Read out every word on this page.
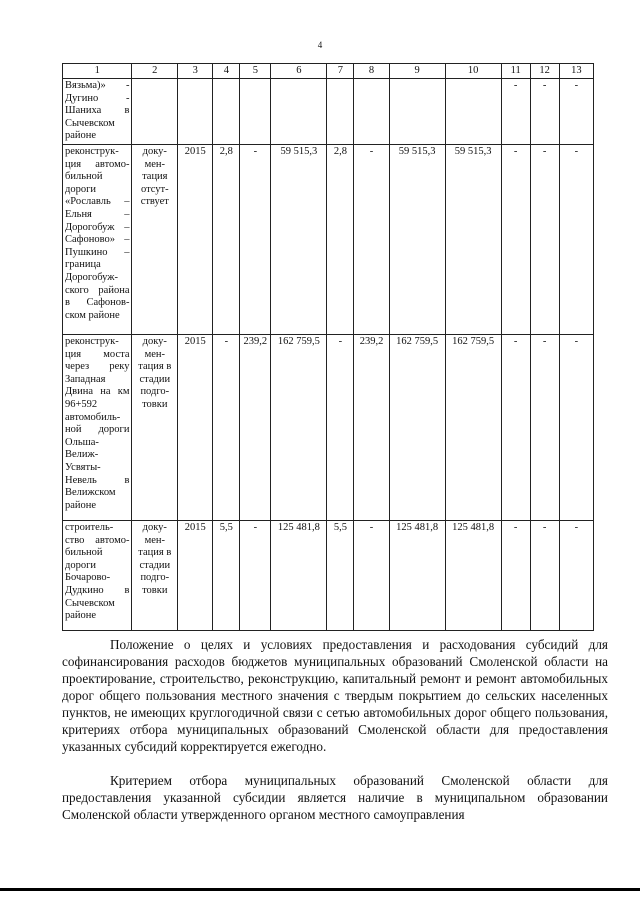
4
1	2	3	4	5	6	7	8	9	10	11	12	13
Вязьма)» - Дугино - Шаниха в Сычевском районе										-	-	-
реконструк-ция автомо-бильной дороги «Рославль – Ельня – Дорогобуж – Сафоново» – Пушкино – граница Дорогобуж-ского района в Сафонов-ском районе	доку-мен-тация отсут-ствует	2015	2,8	-	59 515,3	2,8	-	59 515,3	59 515,3	-	-	-
реконструк-ция моста через реку Западная Двина на км 96+592 автомобиль-ной дороги Ольша-Велиж-Усвяты-Невель в Велижском районе	доку-мен-тация в стадии подго-товки	2015	-	239,2	162 759,5	-	239,2	162 759,5	162 759,5	-	-	-
строитель-ство автомо-бильной дороги Бочарово-Дудкино в Сычевском районе	доку-мен-тация в стадии подго-товки	2015	5,5	-	125 481,8	5,5	-	125 481,8	125 481,8	-	-	-

Положение о целях и условиях предоставления и расходования субсидий для софинансирования расходов бюджетов муниципальных образований Смоленской области на проектирование, строительство, реконструкцию, капитальный ремонт и ремонт автомобильных дорог общего пользования местного значения с твердым покрытием до сельских населенных пунктов, не имеющих круглогодичной связи с сетью автомобильных дорог общего пользования, критериях отбора муниципальных образований Смоленской области для предоставления указанных субсидий корректируется ежегодно.

Критерием отбора муниципальных образований Смоленской области для предоставления указанной субсидии является наличие в муниципальном образовании Смоленской области утвержденного органом местного самоуправления
